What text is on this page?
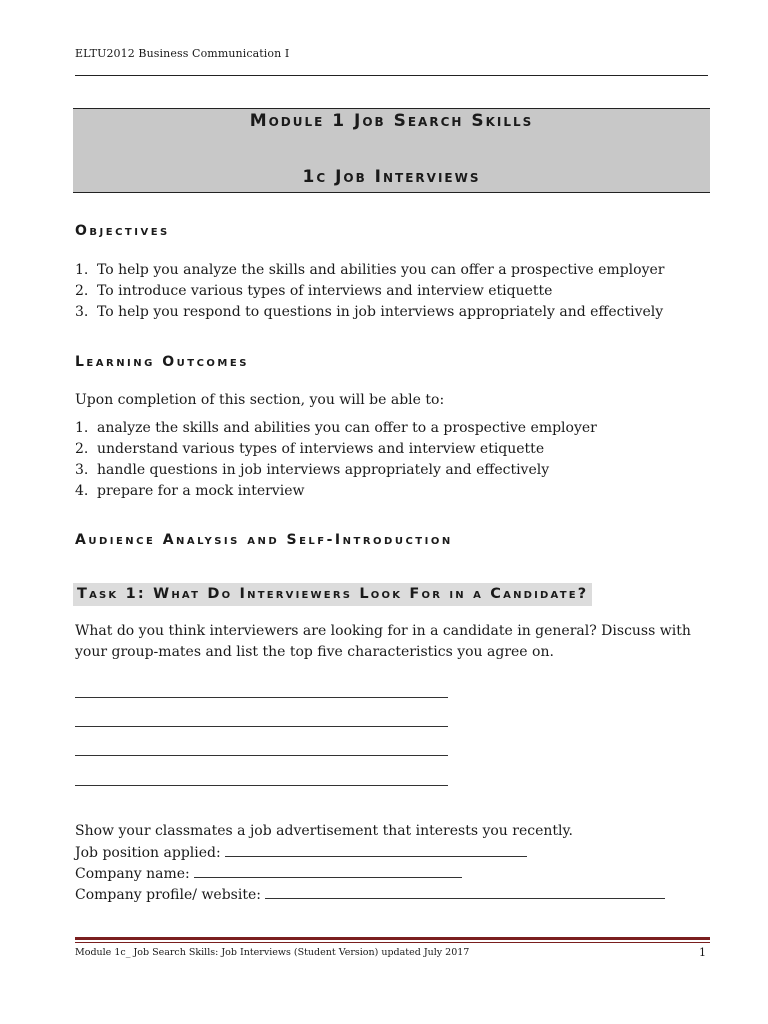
ELTU2012 Business Communication I
Module 1 Job Search Skills
1c Job Interviews
Objectives
1. To help you analyze the skills and abilities you can offer a prospective employer
2. To introduce various types of interviews and interview etiquette
3. To help you respond to questions in job interviews appropriately and effectively
Learning Outcomes
Upon completion of this section, you will be able to:
1. analyze the skills and abilities you can offer to a prospective employer
2. understand various types of interviews and interview etiquette
3. handle questions in job interviews appropriately and effectively
4. prepare for a mock interview
Audience Analysis and Self-Introduction
Task 1: What Do Interviewers Look For in a Candidate?
What do you think interviewers are looking for in a candidate in general? Discuss with your group-mates and list the top five characteristics you agree on.
Show your classmates a job advertisement that interests you recently.
Job position applied:
Company name:
Company profile/ website:
Module 1c_ Job Search Skills: Job Interviews (Student Version) updated July 2017	1
